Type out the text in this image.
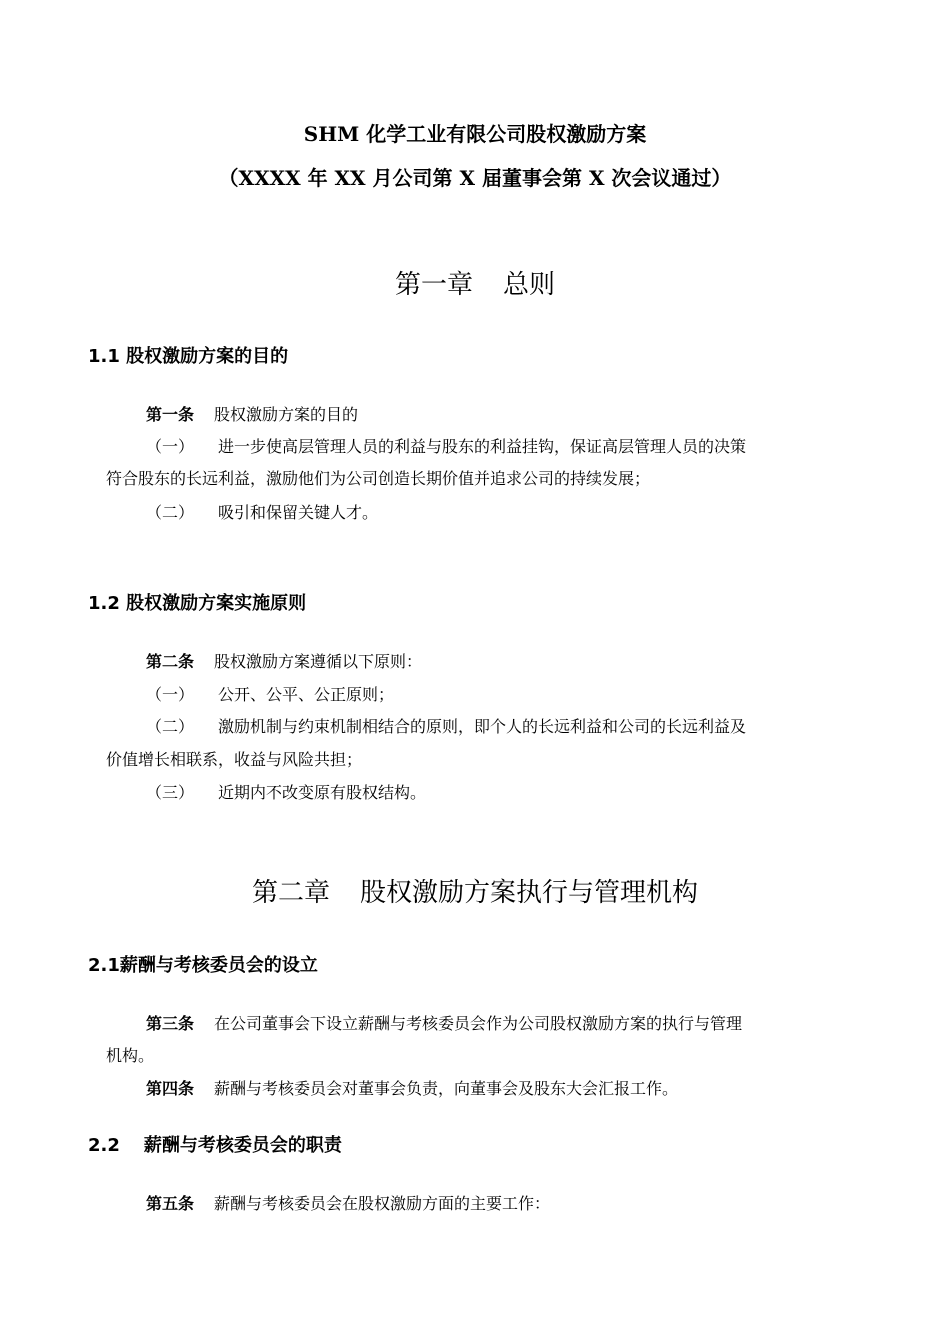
SHM 化学工业有限公司股权激励方案
（XXXX 年 XX 月公司第 X 届董事会第 X 次会议通过）
第一章 总则
1.1 股权激励方案的目的
第一条 股权激励方案的目的
（一） 进一步使高层管理人员的利益与股东的利益挂钩，保证高层管理人员的决策
符合股东的长远利益，激励他们为公司创造长期价值并追求公司的持续发展；
（二） 吸引和保留关键人才。
1.2 股权激励方案实施原则
第二条 股权激励方案遵循以下原则：
（一） 公开、公平、公正原则；
（二） 激励机制与约束机制相结合的原则，即个人的长远利益和公司的长远利益及
价值增长相联系，收益与风险共担；
（三） 近期内不改变原有股权结构。
第二章 股权激励方案执行与管理机构
2.1薪酬与考核委员会的设立
第三条 在公司董事会下设立薪酬与考核委员会作为公司股权激励方案的执行与管理
机构。
第四条 薪酬与考核委员会对董事会负责，向董事会及股东大会汇报工作。
2.2 薪酬与考核委员会的职责
第五条 薪酬与考核委员会在股权激励方面的主要工作：
